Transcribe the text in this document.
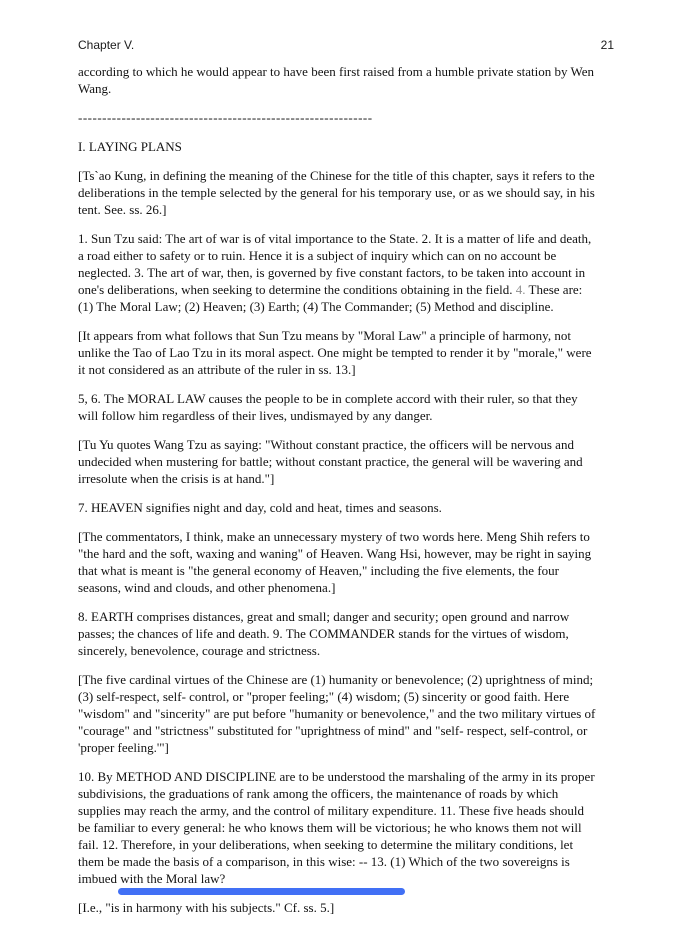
Chapter V.	21

according to which he would appear to have been first raised from a humble private station by Wen Wang.

-------------------------------------------------------------

I. LAYING PLANS

[Ts`ao Kung, in defining the meaning of the Chinese for the title of this chapter, says it refers to the deliberations in the temple selected by the general for his temporary use, or as we should say, in his tent. See. ss. 26.]

1. Sun Tzu said: The art of war is of vital importance to the State. 2. It is a matter of life and death, a road either to safety or to ruin. Hence it is a subject of inquiry which can on no account be neglected. 3. The art of war, then, is governed by five constant factors, to be taken into account in one's deliberations, when seeking to determine the conditions obtaining in the field. 4. These are: (1) The Moral Law; (2) Heaven; (3) Earth; (4) The Commander; (5) Method and discipline.

[It appears from what follows that Sun Tzu means by "Moral Law" a principle of harmony, not unlike the Tao of Lao Tzu in its moral aspect. One might be tempted to render it by "morale," were it not considered as an attribute of the ruler in ss. 13.]

5, 6. The MORAL LAW causes the people to be in complete accord with their ruler, so that they will follow him regardless of their lives, undismayed by any danger.

[Tu Yu quotes Wang Tzu as saying: "Without constant practice, the officers will be nervous and undecided when mustering for battle; without constant practice, the general will be wavering and irresolute when the crisis is at hand."]

7. HEAVEN signifies night and day, cold and heat, times and seasons.

[The commentators, I think, make an unnecessary mystery of two words here. Meng Shih refers to "the hard and the soft, waxing and waning" of Heaven. Wang Hsi, however, may be right in saying that what is meant is "the general economy of Heaven," including the five elements, the four seasons, wind and clouds, and other phenomena.]

8. EARTH comprises distances, great and small; danger and security; open ground and narrow passes; the chances of life and death. 9. The COMMANDER stands for the virtues of wisdom, sincerely, benevolence, courage and strictness.

[The five cardinal virtues of the Chinese are (1) humanity or benevolence; (2) uprightness of mind; (3) self-respect, self- control, or "proper feeling;" (4) wisdom; (5) sincerity or good faith. Here "wisdom" and "sincerity" are put before "humanity or benevolence," and the two military virtues of "courage" and "strictness" substituted for "uprightness of mind" and "self- respect, self-control, or 'proper feeling.'"]

10. By METHOD AND DISCIPLINE are to be understood the marshaling of the army in its proper subdivisions, the graduations of rank among the officers, the maintenance of roads by which supplies may reach the army, and the control of military expenditure. 11. These five heads should be familiar to every general: he who knows them will be victorious; he who knows them not will fail. 12. Therefore, in your deliberations, when seeking to determine the military conditions, let them be made the basis of a comparison, in this wise: -- 13. (1) Which of the two sovereigns is imbued with the Moral law?

[I.e., "is in harmony with his subjects." Cf. ss. 5.]
